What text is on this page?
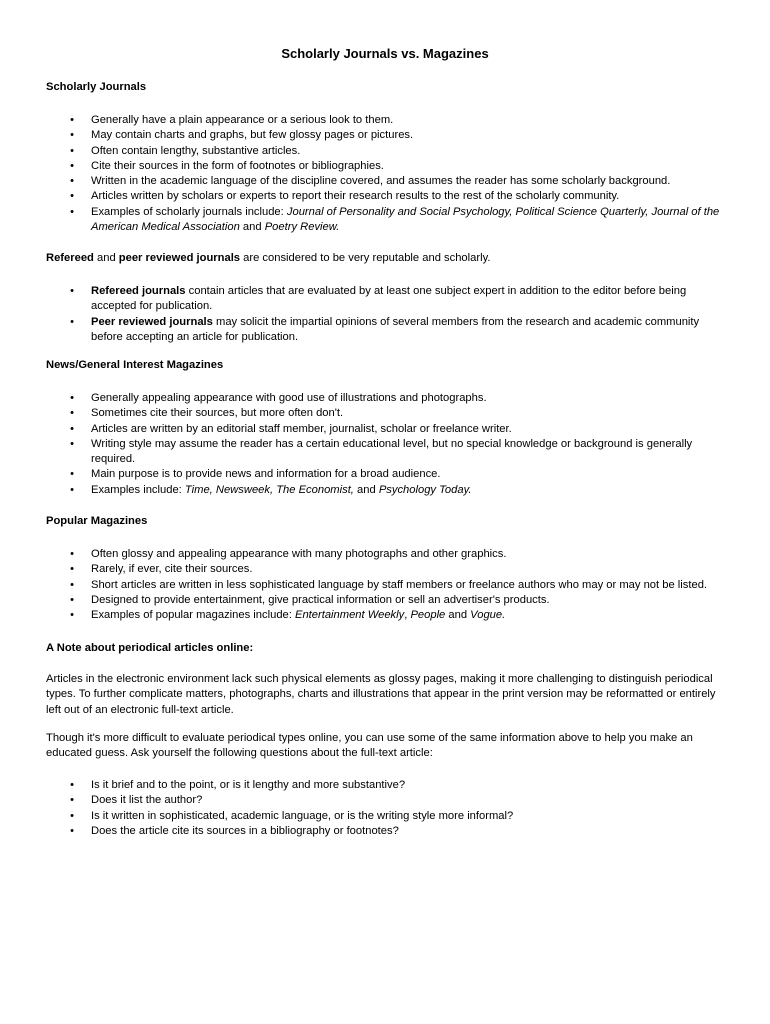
Scholarly Journals vs. Magazines
Scholarly Journals
• Generally have a plain appearance or a serious look to them.
• May contain charts and graphs, but few glossy pages or pictures.
• Often contain lengthy, substantive articles.
• Cite their sources in the form of footnotes or bibliographies.
• Written in the academic language of the discipline covered, and assumes the reader has some scholarly background.
• Articles written by scholars or experts to report their research results to the rest of the scholarly community.
• Examples of scholarly journals include: Journal of Personality and Social Psychology, Political Science Quarterly, Journal of the American Medical Association and Poetry Review.
Refereed and peer reviewed journals are considered to be very reputable and scholarly.
• Refereed journals contain articles that are evaluated by at least one subject expert in addition to the editor before being accepted for publication.
• Peer reviewed journals may solicit the impartial opinions of several members from the research and academic community before accepting an article for publication.
News/General Interest Magazines
• Generally appealing appearance with good use of illustrations and photographs.
• Sometimes cite their sources, but more often don't.
• Articles are written by an editorial staff member, journalist, scholar or freelance writer.
• Writing style may assume the reader has a certain educational level, but no special knowledge or background is generally required.
• Main purpose is to provide news and information for a broad audience.
• Examples include: Time, Newsweek, The Economist, and Psychology Today.
Popular Magazines
• Often glossy and appealing appearance with many photographs and other graphics.
• Rarely, if ever, cite their sources.
• Short articles are written in less sophisticated language by staff members or freelance authors who may or may not be listed.
• Designed to provide entertainment, give practical information or sell an advertiser's products.
• Examples of popular magazines include: Entertainment Weekly, People and Vogue.
A Note about periodical articles online:
Articles in the electronic environment lack such physical elements as glossy pages, making it more challenging to distinguish periodical types. To further complicate matters, photographs, charts and illustrations that appear in the print version may be reformatted or entirely left out of an electronic full-text article.
Though it's more difficult to evaluate periodical types online, you can use some of the same information above to help you make an educated guess. Ask yourself the following questions about the full-text article:
• Is it brief and to the point, or is it lengthy and more substantive?
• Does it list the author?
• Is it written in sophisticated, academic language, or is the writing style more informal?
• Does the article cite its sources in a bibliography or footnotes?
